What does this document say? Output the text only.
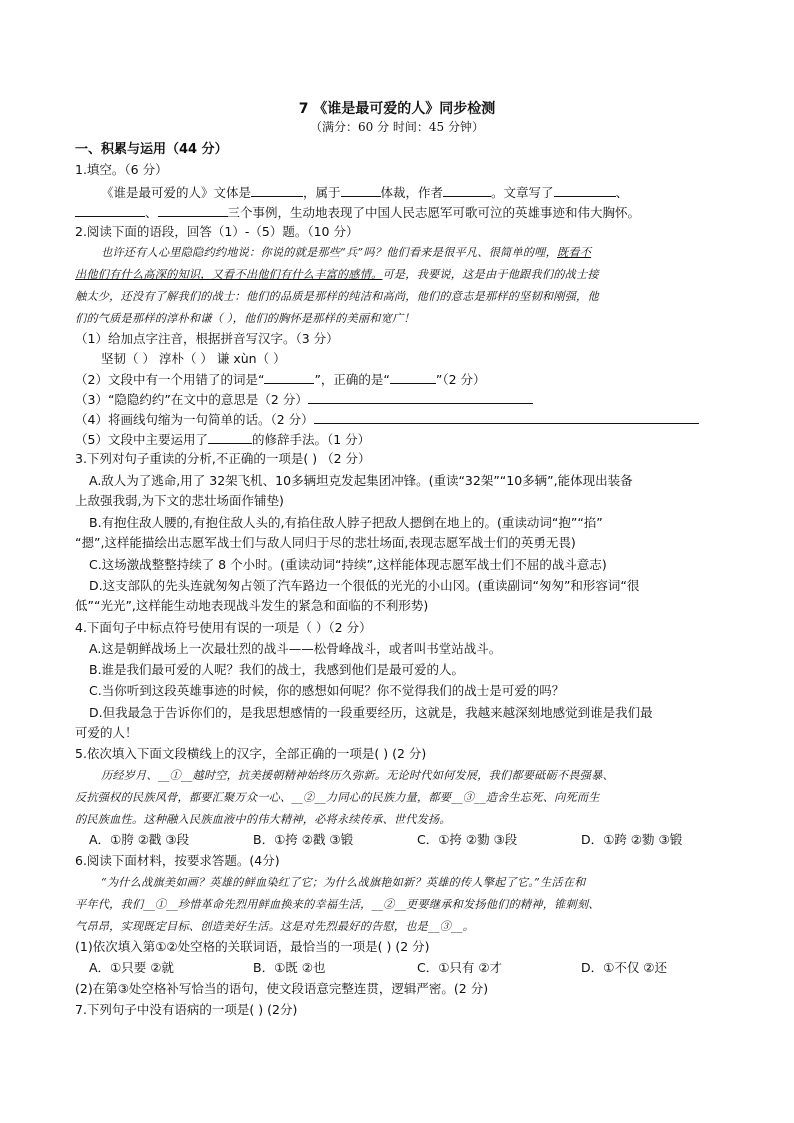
7 《谁是最可爱的人》同步检测
（满分：60 分 时间：45 分钟）
一、积累与运用（44 分）
1.填空。（6 分）
《谁是最可爱的人》文体是	，属于	体裁，作者	。文章写了	、
、	三个事例，生动地表现了中国人民志愿军可歌可泣的英雄事迹和伟大胸怀。
2.阅读下面的语段，回答（1）-（5）题。（10 分）
也许还有人心里隐隐约约地说：你说的就是那些“兵”吗？他们看来是很平凡、很简单的哩，既看不
出他们有什么高深的知识，又看不出他们有什么丰富的感情。可是，我要说，这是由于他跟我们的战士接
触太少，还没有了解我们的战士：他们的品质是那样的纯洁和高尚，他们的意志是那样的坚韧和刚强，他
们的气质是那样的淳朴和谦（ ），他们的胸怀是那样的美丽和宽广！
（1）给加点字注音，根据拼音写汉字。（3 分）
坚韧（ ） 淳朴（ ） 谦 xùn（ ）
（2）文段中有一个用错了的词是“	”，正确的是“	”（2 分）
（3）“隐隐约约”在文中的意思是（2 分）
（4）将画线句缩为一句简单的话。（2 分）
（5）文段中主要运用了	的修辞手法。（1 分）
3.下列对句子重读的分析,不正确的一项是( ) （2 分）
A.敌人为了逃命,用了 32架飞机、10多辆坦克发起集团冲锋。(重读“32架”“10多辆”,能体现出装备
上敌强我弱,为下文的悲壮场面作铺垫)
B.有抱住敌人腰的,有抱住敌人头的,有掐住敌人脖子把敌人摁倒在地上的。(重读动词“抱”“掐”
“摁”,这样能描绘出志愿军战士们与敌人同归于尽的悲壮场面,表现志愿军战士们的英勇无畏)
C.这场激战整整持续了 8 个小时。(重读动词“持续”,这样能体现志愿军战士们不屈的战斗意志)
D.这支部队的先头连就匆匆占领了汽车路边一个很低的光光的小山冈。(重读副词“匆匆”和形容词“很
低”“光光”,这样能生动地表现战斗发生的紧急和面临的不利形势)
4.下面句子中标点符号使用有误的一项是（ ）（2 分）
A.这是朝鲜战场上一次最壮烈的战斗——松骨峰战斗，或者叫书堂站战斗。
B.谁是我们最可爱的人呢？我们的战士，我感到他们是最可爱的人。
C.当你听到这段英雄事迹的时候，你的感想如何呢？你不觉得我们的战士是可爱的吗？
D.但我最急于告诉你们的，是我思想感情的一段重要经历，这就是，我越来越深刻地感觉到谁是我们最
可爱的人！
5.依次填入下面文段横线上的汉字，全部正确的一项是( ) (2 分)
历经岁月、__①__越时空，抗美援朝精神始终历久弥新。无论时代如何发展，我们都要砥砺不畏强暴、
反抗强权的民族风骨，都要汇聚万众一心、__②__力同心的民族力量，都要__③__造舍生忘死、向死而生
的民族血性。这种融入民族血液中的伟大精神，必将永续传承、世代发扬。
A．①胯 ②戳 ③段	B．①挎 ②戳 ③锻	C．①挎 ②勠 ③段	D．①跨 ②勠 ③锻
6.阅读下面材料，按要求答题。(4分)
“为什么战旗美如画？英雄的鲜血染红了它；为什么战旗艳如新？英雄的传人擎起了它。”生活在和
平年代，我们__①__珍惜革命先烈用鲜血换来的幸福生活，__②__更要继承和发扬他们的精神，锥刺刻、
气昂昂，实现既定目标、创造美好生活。这是对先烈最好的告慰，也是__③__。
(1)依次填入第①②处空格的关联词语，最恰当的一项是( ) (2 分)
A．①只要 ②就	B．①既 ②也	C．①只有 ②才	D．①不仅 ②还
(2)在第③处空格补写恰当的语句，使文段语意完整连贯，逻辑严密。(2 分)
7.下列句子中没有语病的一项是( ) (2分)
